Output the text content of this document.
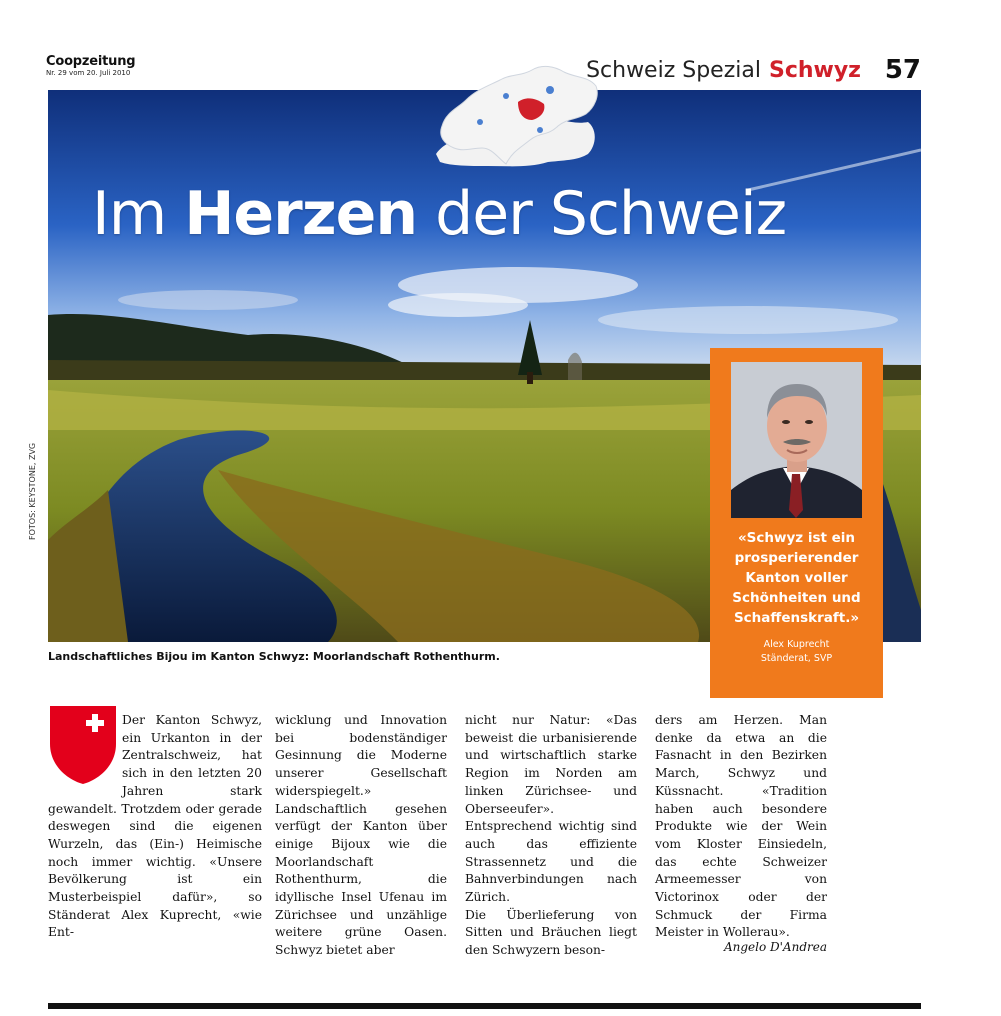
Coopzeitung
Nr. 29 vom 20. Juli 2010	Schweiz Spezial Schwyz 57
Im Herzen der Schweiz
FOTOS: KEYSTONE, ZVG
Landschaftliches Bijou im Kanton Schwyz: Moorlandschaft Rothenthurm.
«Schwyz ist ein prosperierender Kanton voller Schönheiten und Schaffenskraft.»
Alex Kuprecht
Ständerat, SVP

Der Kanton Schwyz, ein Urkanton in der Zentralschweiz, hat sich in den letzten 20 Jahren stark gewandelt. Trotzdem oder gerade deswegen sind die eigenen Wurzeln, das (Ein-) Heimische noch immer wichtig. «Unsere Bevölkerung ist ein Musterbeispiel dafür», so Ständerat Alex Kuprecht, «wie Ent-

wicklung und Innovation bei bodenständiger Gesinnung die Moderne unserer Gesellschaft widerspiegelt.»

Landschaftlich gesehen verfügt der Kanton über einige Bijoux wie die Moorlandschaft Rothenthurm, die idyllische Insel Ufenau im Zürichsee und unzählige weitere grüne Oasen. Schwyz bietet aber

nicht nur Natur: «Das beweist die urbanisierende und wirtschaftlich starke Region im Norden am linken Zürichsee- und Oberseeufer». Entsprechend wichtig sind auch das effiziente Strassennetz und die Bahnverbindungen nach Zürich.

Die Überlieferung von Sitten und Bräuchen liegt den Schwyzern beson-

ders am Herzen. Man denke da etwa an die Fasnacht in den Bezirken March, Schwyz und Küssnacht. «Tradition haben auch besondere Produkte wie der Wein vom Kloster Einsiedeln, das echte Schweizer Armeemesser von Victorinox oder der Schmuck der Firma Meister in Wollerau».

Angelo D'Andrea
